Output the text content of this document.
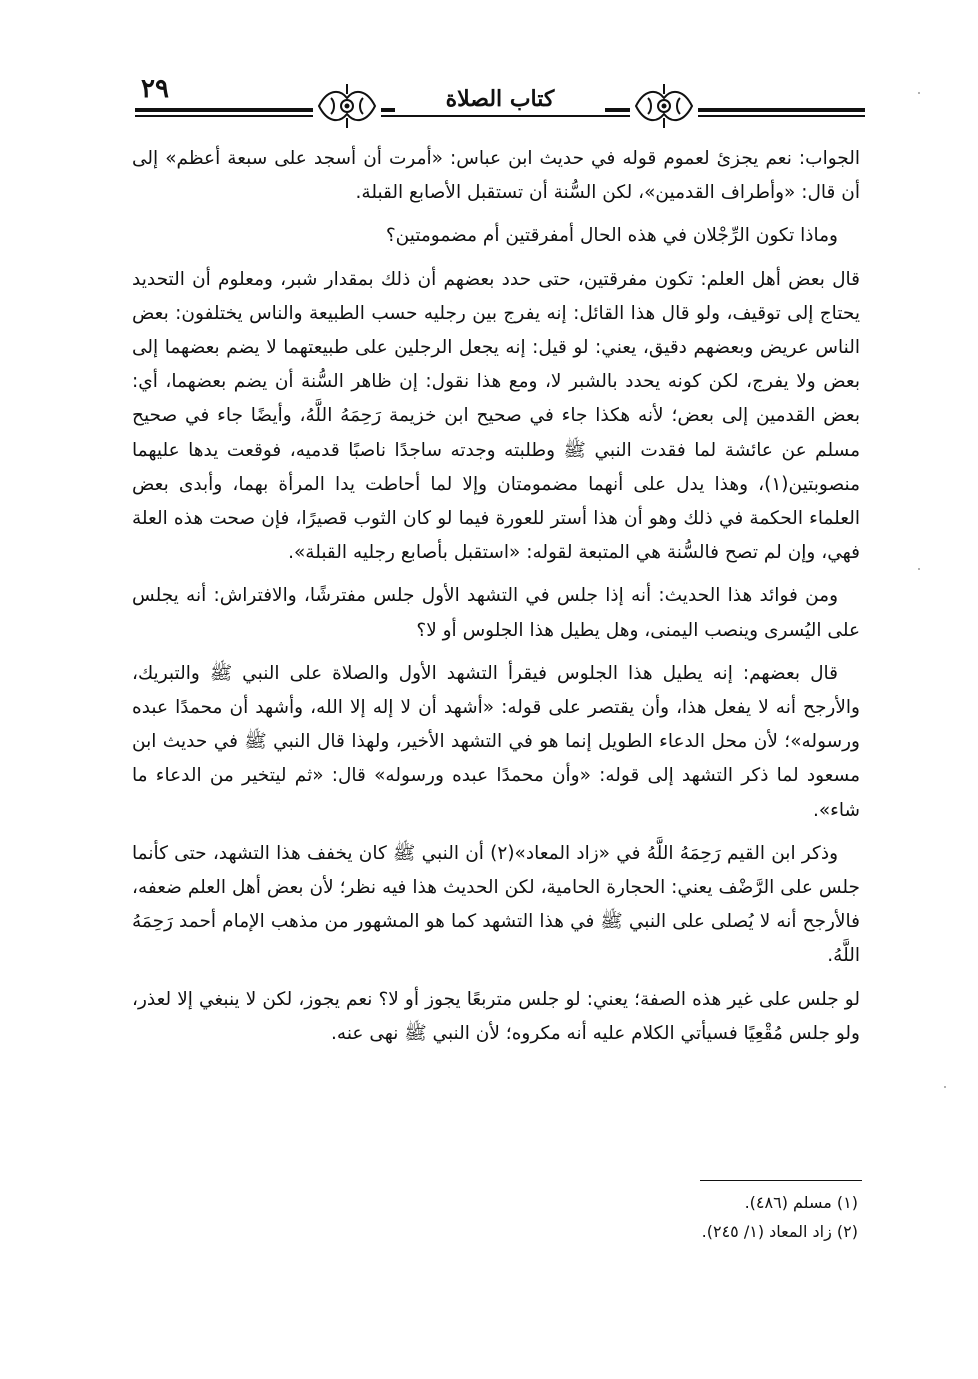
٢٩	كتاب الصلاة

الجواب: نعم يجزئ لعموم قوله في حديث ابن عباس: «أمرت أن أسجد على سبعة أعظم» إلى أن قال: «وأطراف القدمين»، لكن السُّنة أن تستقبل الأصابع القبلة.

وماذا تكون الرِّجْلان في هذه الحال أمفرقتين أم مضمومتين؟

قال بعض أهل العلم: تكون مفرقتين، حتى حدد بعضهم أن ذلك بمقدار شبر، ومعلوم أن التحديد يحتاج إلى توقيف، ولو قال هذا القائل: إنه يفرج بين رجليه حسب الطبيعة والناس يختلفون: بعض الناس عريض وبعضهم دقيق، يعني: لو قيل: إنه يجعل الرجلين على طبيعتهما لا يضم بعضهما إلى بعض ولا يفرج، لكن كونه يحدد بالشبر لا، ومع هذا نقول: إن ظاهر السُّنة أن يضم بعضهما، أي: بعض القدمين إلى بعض؛ لأنه هكذا جاء في صحيح ابن خزيمة رَحِمَهُ اللَّهُ، وأيضًا جاء في صحيح مسلم عن عائشة لما فقدت النبي ﷺ وطلبته وجدته ساجدًا ناصبًا قدميه، فوقعت يدها عليهما منصوبتين(١)، وهذا يدل على أنهما مضمومتان وإلا لما أحاطت يدا المرأة بهما، وأبدى بعض العلماء الحكمة في ذلك وهو أن هذا أستر للعورة فيما لو كان الثوب قصيرًا، فإن صحت هذه العلة فهي، وإن لم تصح فالسُّنة هي المتبعة لقوله: «استقبل بأصابع رجليه القبلة».

ومن فوائد هذا الحديث: أنه إذا جلس في التشهد الأول جلس مفترشًا، والافتراش: أنه يجلس على اليُسرى وينصب اليمنى، وهل يطيل هذا الجلوس أو لا؟

قال بعضهم: إنه يطيل هذا الجلوس فيقرأ التشهد الأول والصلاة على النبي ﷺ والتبريك، والأرجح أنه لا يفعل هذا، وأن يقتصر على قوله: «أشهد أن لا إله إلا الله، وأشهد أن محمدًا عبده ورسوله»؛ لأن محل الدعاء الطويل إنما هو في التشهد الأخير، ولهذا قال النبي ﷺ في حديث ابن مسعود لما ذكر التشهد إلى قوله: «وأن محمدًا عبده ورسوله» قال: «ثم ليتخير من الدعاء ما شاء».

وذكر ابن القيم رَحِمَهُ اللَّهُ في «زاد المعاد»(٢) أن النبي ﷺ كان يخفف هذا التشهد، حتى كأنما جلس على الرَّضْف يعني: الحجارة الحامية، لكن الحديث هذا فيه نظر؛ لأن بعض أهل العلم ضعفه، فالأرجح أنه لا يُصلى على النبي ﷺ في هذا التشهد كما هو المشهور من مذهب الإمام أحمد رَحِمَهُ اللَّهُ.

لو جلس على غير هذه الصفة؛ يعني: لو جلس متربعًا يجوز أو لا؟ نعم يجوز، لكن لا ينبغي إلا لعذر، ولو جلس مُقْعِيًا فسيأتي الكلام عليه أنه مكروه؛ لأن النبي ﷺ نهى عنه.

(١) مسلم (٤٨٦).
(٢) زاد المعاد (١/ ٢٤٥).
